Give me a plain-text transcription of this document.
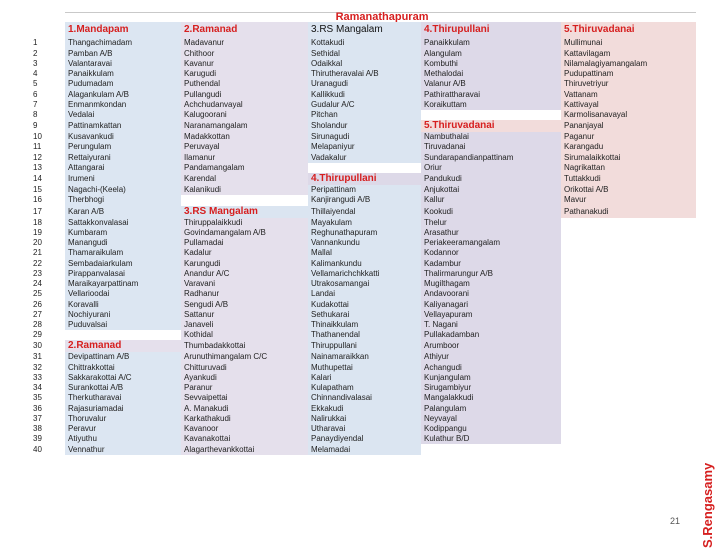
	Ramanathapuram				
	1.Mandapam	2.Ramanad	3.RS Mangalam	4.Thirupullani	5.Thiruvadanai
1	Thangachimadam	Madavanur	Kottakudi	Panaikkulam	Mullimunai
2	Pamban A/B	Chithoor	Sethidal	Alangulam	Kattavilagam
3	Valantaravai	Kavanur	Odaikkal	Kombuthi	Nilamalagiyamangalam
4	Panaikkulam	Karugudi	Thirutheravalai A/B	Methalodai	Pudupattinam
5	Pudumadam	Puthendal	Uranagudi	Valanur A/B	Thiruvetriyur
6	Alagankulam A/B	Pullangudi	Kallikkudi	Pathirattharavai	Vattanam
7	Enmanmkondan	Achchudanvayal	Gudalur A/C	Koraikuttam	Kattivayal
8	Vedalai	Kalugoorani	Pitchan		Karmolisanavayal
9	Pattinamkattan	Naranamangalam	Sholandur	5.Thiruvadanai	Pananjayal
10	Kusavankudi	Madakkottan	Sirunagudi	Nambuthalai	Paganur
11	Perungulam	Peruvayal	Melapaniyur	Tiruvadanai	Karangadu
12	Rettaiyurani	Ilamanur	Vadakalur	Sundarapandianpattinam	Sirumalaikkottai
13	Attangarai	Pandamangalam		Oriur	Nagrikattan
14	Irumeni	Karendal	4.Thirupullani	Pandukudi	Tuttakkudi
15	Nagachi-(Keela)	Kalanikudi	Peripattinam	Anjukottai	Orikottai A/B
16	Therbhogi		Kanjirangudi A/B	Kallur	Mavur
17	Karan A/B	3.RS Mangalam	Thillaiyendal	Kookudi	Pathanakudi
18	Sattakkonvalasai	Thiruppalaikkudi	Mayakulam	Thelur	
19	Kumbaram	Govindamangalam A/B	Reghunathapuram	Arasathur	
20	Manangudi	Pullamadai	Vannankundu	Periakeeramangalam	
21	Thamaraikulam	Kadalur	Mallal	Kodannor	
22	Sembadaiarkulam	Karungudi	Kalimankundu	Kadambur	
23	Pirappanvalasai	Anandur A/C	Vellamarichchkkatti	Thalirmarungur A/B	
24	Maraikayarpattinam	Varavani	Utrakosamangai	Mugilthagam	
25	Vellarioodai	Radhanur	Landai	Andavoorani	
26	Koravalli	Sengudi A/B	Kudakottai	Kaliyanagari	
27	Nochiyurani	Sattanur	Sethukarai	Vellayapuram	
28	Puduvalsai	Janaveli	Thinaikkulam	T. Nagani	
29		Kothidal	Thathanendal	Pullakadamban	
30	2.Ramanad	Thumbadakkottai	Thiruppullani	Arumboor	
31	Devipattinam A/B	Arunuthimangalam C/C	Nainamaraikkan	Athiyur	
32	Chittrakkottai	Chitturuvadi	Muthupettai	Achangudi	
33	Sakkarakottai A/C	Ayankudi	Kalari	Kunjangulam	
34	Surankottai A/B	Paranur	Kulapatham	Sirugambiyur	
35	Therkutharavai	Sevvaipettai	Chinnandivalasai	Mangalakkudi	
36	Rajasuriamadai	A. Manakudi	Ekkakudi	Palangulam	
37	Thoruvalur	Karkathakudi	Nalirukkai	Neyvayal	
38	Peravur	Kavanoor	Utharavai	Kodippangu	
39	Atiyuthu	Kavanakottai	Panaydiyendal	Kulathur B/D	
40	Vennathur	Alagarthevankkottai	Melamadai		
S.Rengasamy
21
